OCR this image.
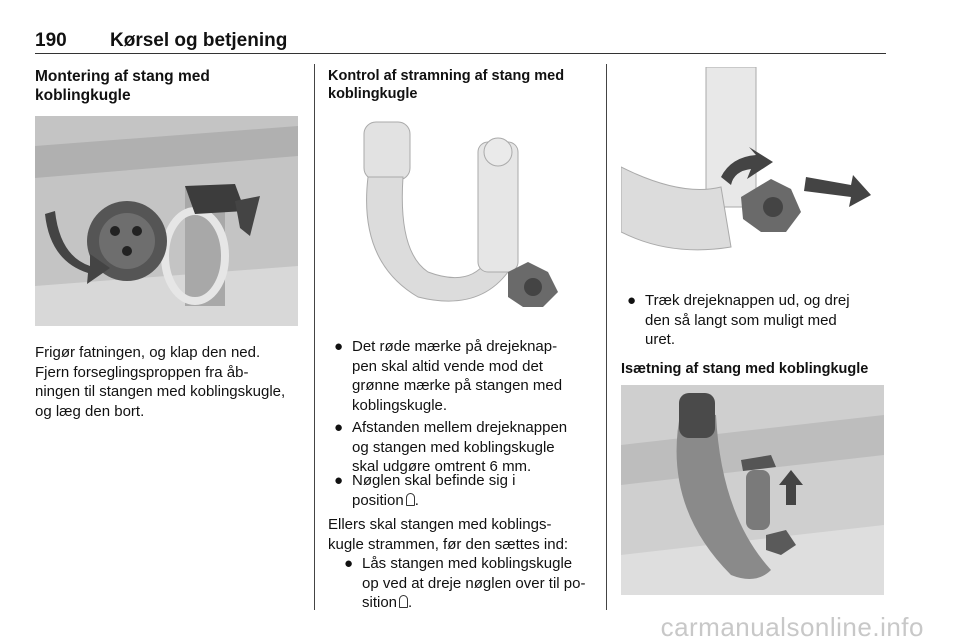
190 Kørsel og betjening
Montering af stang med
koblingkugle
Frigør fatningen, og klap den ned.
Fjern forseglingsproppen fra åb-
ningen til stangen med koblingskugle,
og læg den bort.
Kontrol af stramning af stang med
koblingkugle
● Det røde mærke på drejeknap-
pen skal altid vende mod det
grønne mærke på stangen med
koblingskugle.
● Afstanden mellem drejeknappen
og stangen med koblingskugle
skal udgøre omtrent 6 mm.
● Nøglen skal befinde sig i
position .
Ellers skal stangen med koblings-
kugle strammen, før den sættes ind:
● Lås stangen med koblingskugle
op ved at dreje nøglen over til po-
sition .
● Træk drejeknappen ud, og drej
den så langt som muligt med
uret.
Isætning af stang med koblingkugle
carmanualsonline.info
